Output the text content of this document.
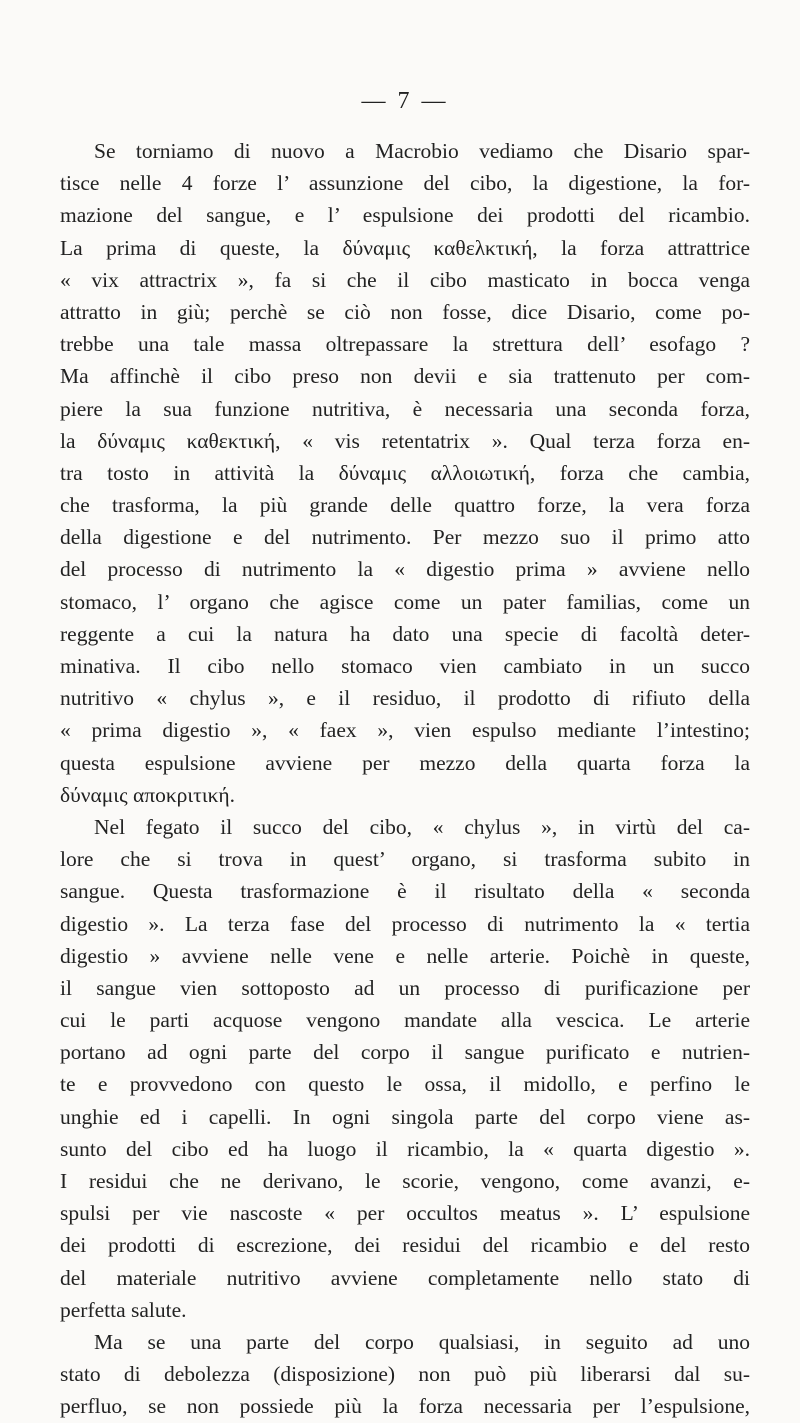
— 7 —
Se torniamo di nuovo a Macrobio vediamo che Disario spar-
tisce nelle 4 forze l’ assunzione del cibo, la digestione, la for-
mazione del sangue, e l’ espulsione dei prodotti del ricambio.
La prima di queste, la δύναμις καθελκτική, la forza attrattrice
« vix attractrix », fa si che il cibo masticato in bocca venga
attratto in giù; perchè se ciò non fosse, dice Disario, come po-
trebbe una tale massa oltrepassare la strettura dell’ esofago ?
Ma affinchè il cibo preso non devii e sia trattenuto per com-
piere la sua funzione nutritiva, è necessaria una seconda forza,
la δύναμις καθεκτική, « vis retentatrix ». Qual terza forza en-
tra tosto in attività la δύναμις αλλοιωτική, forza che cambia,
che trasforma, la più grande delle quattro forze, la vera forza
della digestione e del nutrimento. Per mezzo suo il primo atto
del processo di nutrimento la « digestio prima » avviene nello
stomaco, l’ organo che agisce come un pater familias, come un
reggente a cui la natura ha dato una specie di facoltà deter-
minativa. Il cibo nello stomaco vien cambiato in un succo
nutritivo « chylus », e il residuo, il prodotto di rifiuto della
« prima digestio », « faex », vien espulso mediante l’intestino;
questa espulsione avviene per mezzo della quarta forza la
δύναμις αποκριτική.
Nel fegato il succo del cibo, « chylus », in virtù del ca-
lore che si trova in quest’ organo, si trasforma subito in
sangue. Questa trasformazione è il risultato della « seconda
digestio ». La terza fase del processo di nutrimento la « tertia
digestio » avviene nelle vene e nelle arterie. Poichè in queste,
il sangue vien sottoposto ad un processo di purificazione per
cui le parti acquose vengono mandate alla vescica. Le arterie
portano ad ogni parte del corpo il sangue purificato e nutrien-
te e provvedono con questo le ossa, il midollo, e perfino le
unghie ed i capelli. In ogni singola parte del corpo viene as-
sunto del cibo ed ha luogo il ricambio, la « quarta digestio ».
I residui che ne derivano, le scorie, vengono, come avanzi, e-
spulsi per vie nascoste « per occultos meatus ». L’ espulsione
dei prodotti di escrezione, dei residui del ricambio e del resto
del materiale nutritivo avviene completamente nello stato di
perfetta salute.
Ma se una parte del corpo qualsiasi, in seguito ad uno
stato di debolezza (disposizione) non può più liberarsi dal su-
perfluo, se non possiede più la forza necessaria per l’espulsione,
